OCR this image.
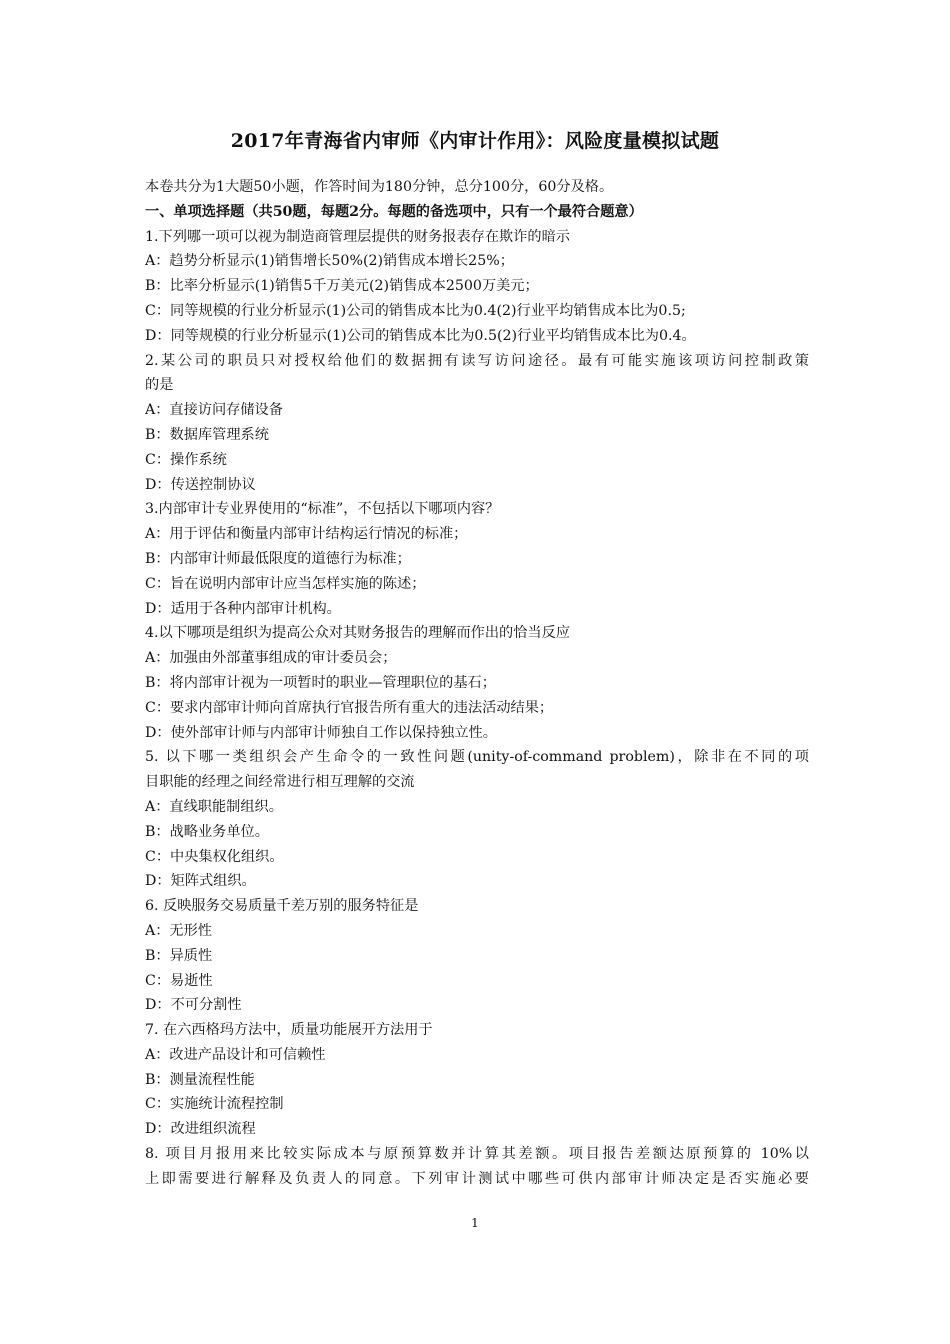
2017年青海省内审师《内审计作用》：风险度量模拟试题
本卷共分为1大题50小题，作答时间为180分钟，总分100分，60分及格。
一、单项选择题（共50题，每题2分。每题的备选项中，只有一个最符合题意）
1.下列哪一项可以视为制造商管理层提供的财务报表存在欺诈的暗示
A：趋势分析显示(1)销售增长50%(2)销售成本增长25%；
B：比率分析显示(1)销售5千万美元(2)销售成本2500万美元；
C：同等规模的行业分析显示(1)公司的销售成本比为0.4(2)行业平均销售成本比为0.5;
D：同等规模的行业分析显示(1)公司的销售成本比为0.5(2)行业平均销售成本比为0.4。
2.某公司的职员只对授权给他们的数据拥有读写访问途径。最有可能实施该项访问控制政策
的是
A：直接访问存储设备
B：数据库管理系统
C：操作系统
D：传送控制协议
3.内部审计专业界使用的“标准”，不包括以下哪项内容？
A：用于评估和衡量内部审计结构运行情况的标准；
B：内部审计师最低限度的道德行为标准；
C：旨在说明内部审计应当怎样实施的陈述；
D：适用于各种内部审计机构。
4.以下哪项是组织为提高公众对其财务报告的理解而作出的恰当反应
A：加强由外部董事组成的审计委员会；
B：将内部审计视为一项暂时的职业—管理职位的基石；
C：要求内部审计师向首席执行官报告所有重大的违法活动结果；
D：使外部审计师与内部审计师独自工作以保持独立性。
5. 以下哪一类组织会产生命令的一致性问题(unity-of-command problem)，除非在不同的项
目职能的经理之间经常进行相互理解的交流
A：直线职能制组织。
B：战略业务单位。
C：中央集权化组织。
D：矩阵式组织。
6. 反映服务交易质量千差万别的服务特征是
A：无形性
B：异质性
C：易逝性
D：不可分割性
7. 在六西格玛方法中，质量功能展开方法用于
A：改进产品设计和可信赖性
B：测量流程性能
C：实施统计流程控制
D：改进组织流程
8. 项目月报用来比较实际成本与原预算数并计算其差额。项目报告差额达原预算的 10%以
上即需要进行解释及负责人的同意。下列审计测试中哪些可供内部审计师决定是否实施必要
1
